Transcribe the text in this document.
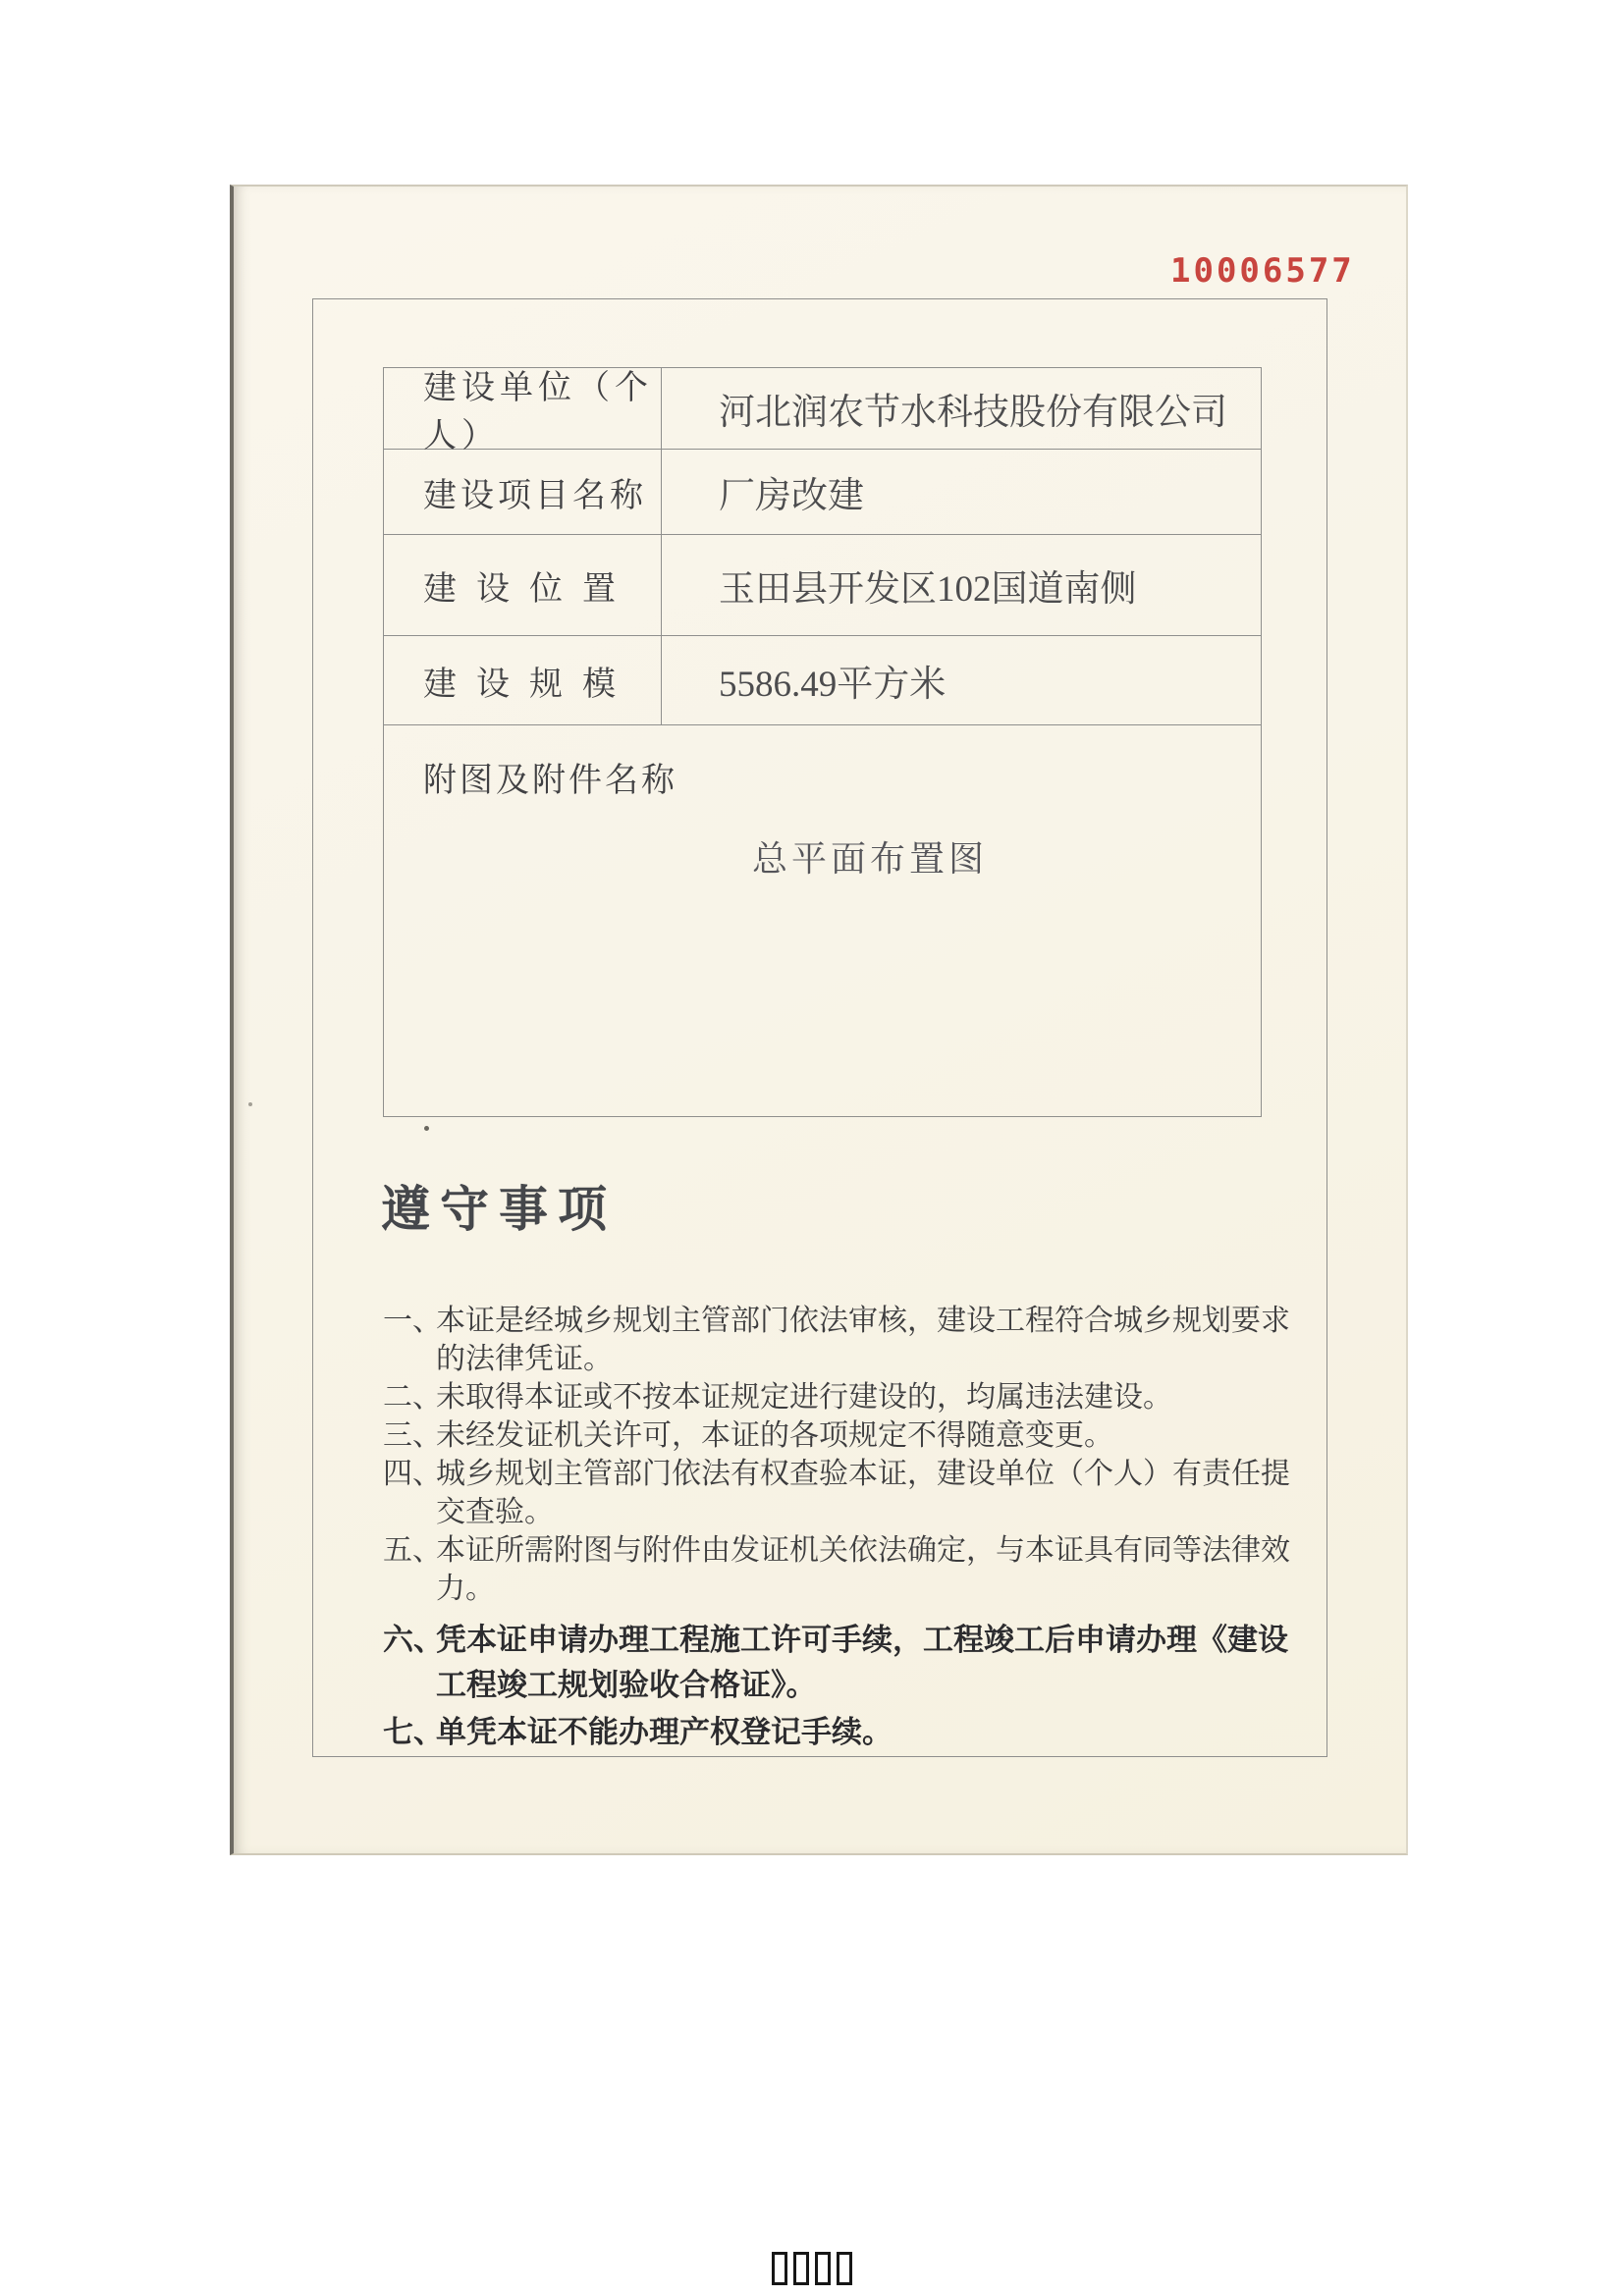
10006577
建设单位（个人）
河北润农节水科技股份有限公司
建设项目名称 厂房改建
建设位置 玉田县开发区102国道南侧
建设规模 5586.49平方米
附图及附件名称
总平面布置图
遵守事项
一、
本证是经城乡规划主管部门依法审核，建设工程符合城乡规划要求的法律凭证。
二、
未取得本证或不按本证规定进行建设的，均属违法建设。
三、
未经发证机关许可，本证的各项规定不得随意变更。
四、
城乡规划主管部门依法有权查验本证，建设单位（个人）有责任提交查验。
五、
本证所需附图与附件由发证机关依法确定，与本证具有同等法律效力。
六、
凭本证申请办理工程施工许可手续，工程竣工后申请办理《建设工程竣工规划验收合格证》。
七、
单凭本证不能办理产权登记手续。
